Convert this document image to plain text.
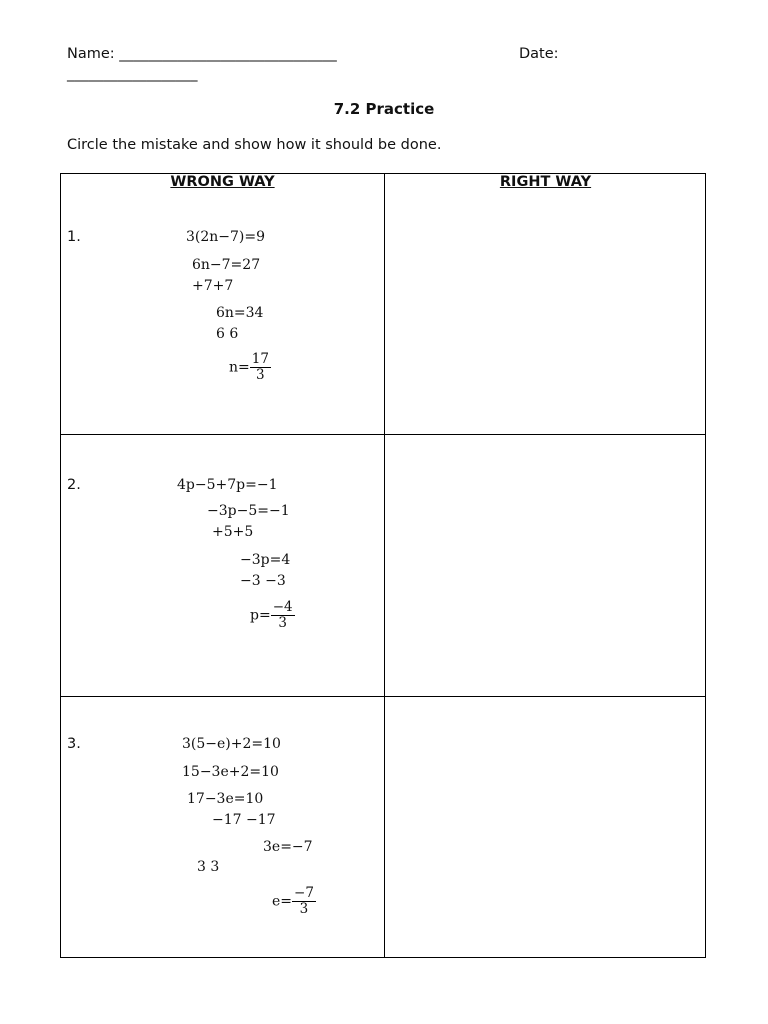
Name: ______________________________	Date:
__________________
7.2 Practice
Circle the mistake and show how it should be done.
WRONG WAY	RIGHT WAY
1.	3(2n−7)=9
6n−7=27
+7+7
6n=34
6 6
$n= \frac{17}{3}$
2.	4p−5+7p=−1
−3p−5=−1
+5+5
−3p=4
−3 −3
$p= \frac{-4}{3}$
3.	3(5−e)+2=10
15−3e+2=10
17−3e=10
−17 −17
3e=−7
3 3
$e= \frac{-7}{3}$
